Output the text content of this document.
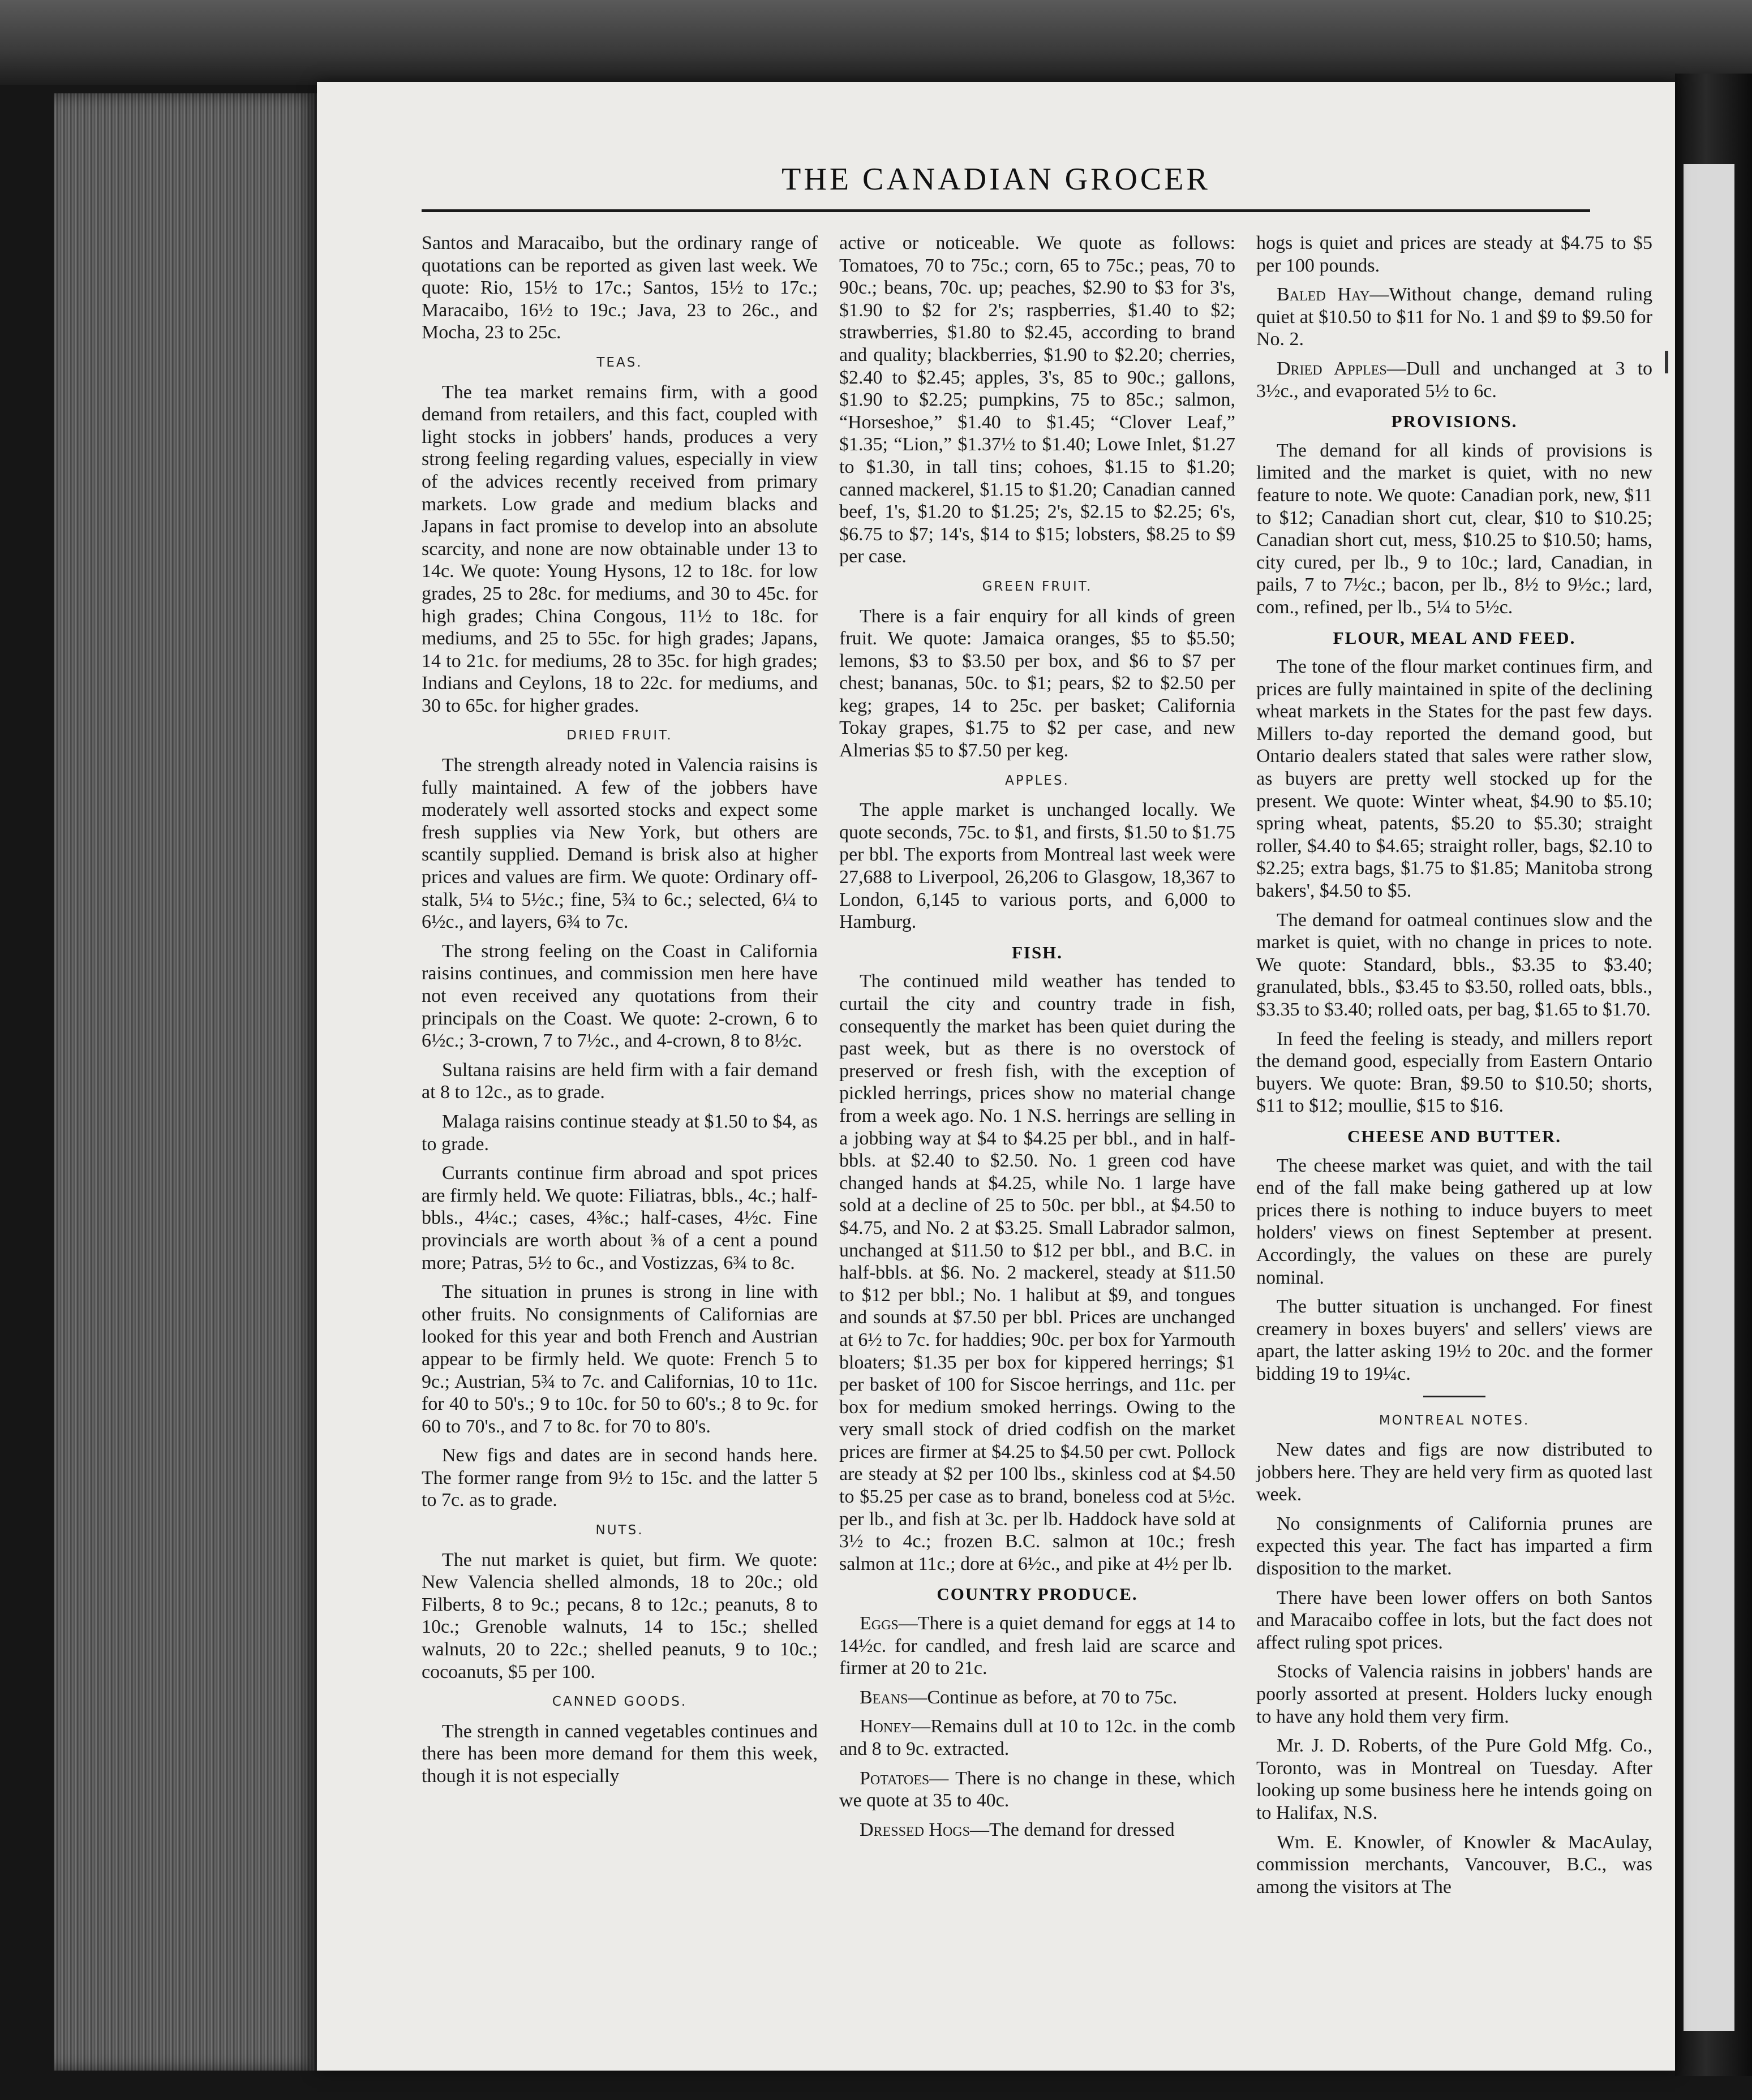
THE CANADIAN GROCER

Santos and Maracaibo, but the ordinary range of quotations can be reported as given last week. We quote: Rio, 15½ to 17c.; Santos, 15½ to 17c.; Maracaibo, 16½ to 19c.; Java, 23 to 26c., and Mocha, 23 to 25c.

TEAS.

The tea market remains firm, with a good demand from retailers, and this fact, coupled with light stocks in jobbers' hands, produces a very strong feeling regarding values, especially in view of the advices recently received from primary markets. Low grade and medium blacks and Japans in fact promise to develop into an absolute scarcity, and none are now obtainable under 13 to 14c. We quote: Young Hysons, 12 to 18c. for low grades, 25 to 28c. for mediums, and 30 to 45c. for high grades; China Congous, 11½ to 18c. for mediums, and 25 to 55c. for high grades; Japans, 14 to 21c. for mediums, 28 to 35c. for high grades; Indians and Ceylons, 18 to 22c. for mediums, and 30 to 65c. for higher grades.

DRIED FRUIT.

The strength already noted in Valencia raisins is fully maintained. A few of the jobbers have moderately well assorted stocks and expect some fresh supplies via New York, but others are scantily supplied. Demand is brisk also at higher prices and values are firm. We quote: Ordinary off-stalk, 5¼ to 5½c.; fine, 5¾ to 6c.; selected, 6¼ to 6½c., and layers, 6¾ to 7c.

The strong feeling on the Coast in California raisins continues, and commission men here have not even received any quotations from their principals on the Coast. We quote: 2-crown, 6 to 6½c.; 3-crown, 7 to 7½c., and 4-crown, 8 to 8½c.

Sultana raisins are held firm with a fair demand at 8 to 12c., as to grade.

Malaga raisins continue steady at $1.50 to $4, as to grade.

Currants continue firm abroad and spot prices are firmly held. We quote: Filiatras, bbls., 4c.; half-bbls., 4¼c.; cases, 4⅜c.; half-cases, 4½c. Fine provincials are worth about ⅜ of a cent a pound more; Patras, 5½ to 6c., and Vostizzas, 6¾ to 8c.

The situation in prunes is strong in line with other fruits. No consignments of Californias are looked for this year and both French and Austrian appear to be firmly held. We quote: French 5 to 9c.; Austrian, 5¾ to 7c. and Californias, 10 to 11c. for 40 to 50's.; 9 to 10c. for 50 to 60's.; 8 to 9c. for 60 to 70's., and 7 to 8c. for 70 to 80's.

New figs and dates are in second hands here. The former range from 9½ to 15c. and the latter 5 to 7c. as to grade.

NUTS.

The nut market is quiet, but firm. We quote: New Valencia shelled almonds, 18 to 20c.; old Filberts, 8 to 9c.; pecans, 8 to 12c.; peanuts, 8 to 10c.; Grenoble walnuts, 14 to 15c.; shelled walnuts, 20 to 22c.; shelled peanuts, 9 to 10c.; cocoanuts, $5 per 100.

CANNED GOODS.

The strength in canned vegetables continues and there has been more demand for them this week, though it is not especially

active or noticeable. We quote as follows: Tomatoes, 70 to 75c.; corn, 65 to 75c.; peas, 70 to 90c.; beans, 70c. up; peaches, $2.90 to $3 for 3's, $1.90 to $2 for 2's; raspberries, $1.40 to $2; strawberries, $1.80 to $2.45, according to brand and quality; blackberries, $1.90 to $2.20; cherries, $2.40 to $2.45; apples, 3's, 85 to 90c.; gallons, $1.90 to $2.25; pumpkins, 75 to 85c.; salmon, “Horseshoe,” $1.40 to $1.45; “Clover Leaf,” $1.35; “Lion,” $1.37½ to $1.40; Lowe Inlet, $1.27 to $1.30, in tall tins; cohoes, $1.15 to $1.20; canned mackerel, $1.15 to $1.20; Canadian canned beef, 1's, $1.20 to $1.25; 2's, $2.15 to $2.25; 6's, $6.75 to $7; 14's, $14 to $15; lobsters, $8.25 to $9 per case.

GREEN FRUIT.

There is a fair enquiry for all kinds of green fruit. We quote: Jamaica oranges, $5 to $5.50; lemons, $3 to $3.50 per box, and $6 to $7 per chest; bananas, 50c. to $1; pears, $2 to $2.50 per keg; grapes, 14 to 25c. per basket; California Tokay grapes, $1.75 to $2 per case, and new Almerias $5 to $7.50 per keg.

APPLES.

The apple market is unchanged locally. We quote seconds, 75c. to $1, and firsts, $1.50 to $1.75 per bbl. The exports from Montreal last week were 27,688 to Liverpool, 26,206 to Glasgow, 18,367 to London, 6,145 to various ports, and 6,000 to Hamburg.

FISH.

The continued mild weather has tended to curtail the city and country trade in fish, consequently the market has been quiet during the past week, but as there is no overstock of preserved or fresh fish, with the exception of pickled herrings, prices show no material change from a week ago. No. 1 N.S. herrings are selling in a jobbing way at $4 to $4.25 per bbl., and in half-bbls. at $2.40 to $2.50. No. 1 green cod have changed hands at $4.25, while No. 1 large have sold at a decline of 25 to 50c. per bbl., at $4.50 to $4.75, and No. 2 at $3.25. Small Labrador salmon, unchanged at $11.50 to $12 per bbl., and B.C. in half-bbls. at $6. No. 2 mackerel, steady at $11.50 to $12 per bbl.; No. 1 halibut at $9, and tongues and sounds at $7.50 per bbl. Prices are unchanged at 6½ to 7c. for haddies; 90c. per box for Yarmouth bloaters; $1.35 per box for kippered herrings; $1 per basket of 100 for Siscoe herrings, and 11c. per box for medium smoked herrings. Owing to the very small stock of dried codfish on the market prices are firmer at $4.25 to $4.50 per cwt. Pollock are steady at $2 per 100 lbs., skinless cod at $4.50 to $5.25 per case as to brand, boneless cod at 5½c. per lb., and fish at 3c. per lb. Haddock have sold at 3½ to 4c.; frozen B.C. salmon at 10c.; fresh salmon at 11c.; dore at 6½c., and pike at 4½ per lb.

COUNTRY PRODUCE.

Eggs—There is a quiet demand for eggs at 14 to 14½c. for candled, and fresh laid are scarce and firmer at 20 to 21c.

Beans—Continue as before, at 70 to 75c.

Honey—Remains dull at 10 to 12c. in the comb and 8 to 9c. extracted.

Potatoes— There is no change in these, which we quote at 35 to 40c.

Dressed Hogs—The demand for dressed

hogs is quiet and prices are steady at $4.75 to $5 per 100 pounds.

Baled Hay—Without change, demand ruling quiet at $10.50 to $11 for No. 1 and $9 to $9.50 for No. 2.

Dried Apples—Dull and unchanged at 3 to 3½c., and evaporated 5½ to 6c.

PROVISIONS.

The demand for all kinds of provisions is limited and the market is quiet, with no new feature to note. We quote: Canadian pork, new, $11 to $12; Canadian short cut, clear, $10 to $10.25; Canadian short cut, mess, $10.25 to $10.50; hams, city cured, per lb., 9 to 10c.; lard, Canadian, in pails, 7 to 7½c.; bacon, per lb., 8½ to 9½c.; lard, com., refined, per lb., 5¼ to 5½c.

FLOUR, MEAL AND FEED.

The tone of the flour market continues firm, and prices are fully maintained in spite of the declining wheat markets in the States for the past few days. Millers to-day reported the demand good, but Ontario dealers stated that sales were rather slow, as buyers are pretty well stocked up for the present. We quote: Winter wheat, $4.90 to $5.10; spring wheat, patents, $5.20 to $5.30; straight roller, $4.40 to $4.65; straight roller, bags, $2.10 to $2.25; extra bags, $1.75 to $1.85; Manitoba strong bakers', $4.50 to $5.

The demand for oatmeal continues slow and the market is quiet, with no change in prices to note. We quote: Standard, bbls., $3.35 to $3.40; granulated, bbls., $3.45 to $3.50, rolled oats, bbls., $3.35 to $3.40; rolled oats, per bag, $1.65 to $1.70.

In feed the feeling is steady, and millers report the demand good, especially from Eastern Ontario buyers. We quote: Bran, $9.50 to $10.50; shorts, $11 to $12; moullie, $15 to $16.

CHEESE AND BUTTER.

The cheese market was quiet, and with the tail end of the fall make being gathered up at low prices there is nothing to induce buyers to meet holders' views on finest September at present. Accordingly, the values on these are purely nominal.

The butter situation is unchanged. For finest creamery in boxes buyers' and sellers' views are apart, the latter asking 19½ to 20c. and the former bidding 19 to 19¼c.

MONTREAL NOTES.

New dates and figs are now distributed to jobbers here. They are held very firm as quoted last week.

No consignments of California prunes are expected this year. The fact has imparted a firm disposition to the market.

There have been lower offers on both Santos and Maracaibo coffee in lots, but the fact does not affect ruling spot prices.

Stocks of Valencia raisins in jobbers' hands are poorly assorted at present. Holders lucky enough to have any hold them very firm.

Mr. J. D. Roberts, of the Pure Gold Mfg. Co., Toronto, was in Montreal on Tuesday. After looking up some business here he intends going on to Halifax, N.S.

Wm. E. Knowler, of Knowler & MacAulay, commission merchants, Vancouver, B.C., was among the visitors at The
